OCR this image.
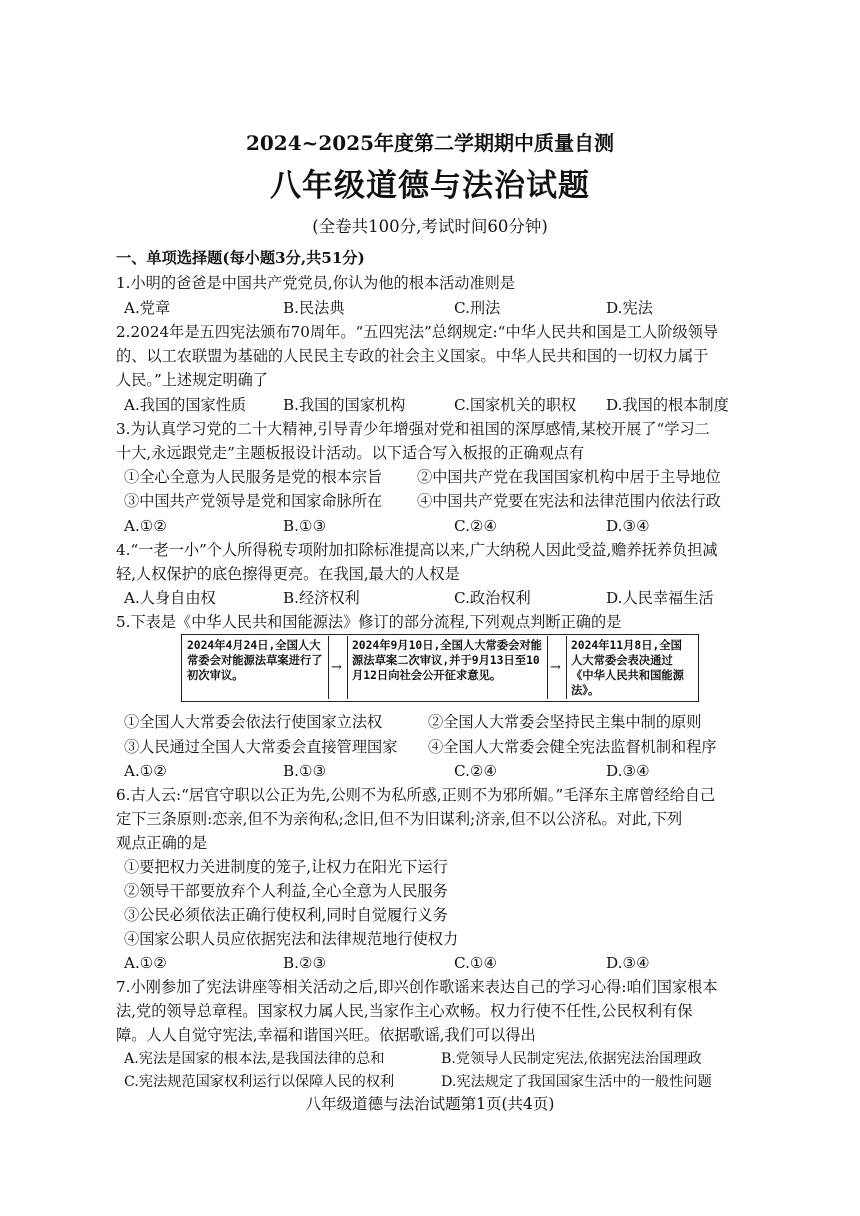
2024~2025年度第二学期期中质量自测
八年级道德与法治试题
(全卷共100分,考试时间60分钟)
一、单项选择题(每小题3分,共51分)
1.小明的爸爸是中国共产党党员,你认为他的根本活动准则是
A.党章	B.民法典	C.刑法	D.宪法
2.2024年是五四宪法颁布70周年。“五四宪法”总纲规定:“中华人民共和国是工人阶级领导
的、以工农联盟为基础的人民民主专政的社会主义国家。中华人民共和国的一切权力属于
人民。”上述规定明确了
A.我国的国家性质 B.我国的国家机构	C.国家机关的职权 D.我国的根本制度
3.为认真学习党的二十大精神,引导青少年增强对党和祖国的深厚感情,某校开展了“学习二
十大,永远跟党走”主题板报设计活动。以下适合写入板报的正确观点有
①全心全意为人民服务是党的根本宗旨 ②中国共产党在我国国家机构中居于主导地位
③中国共产党领导是党和国家命脉所在 ④中国共产党要在宪法和法律范围内依法行政
A.①②	B.①③	C.②④	D.③④
4.“一老一小”个人所得税专项附加扣除标准提高以来,广大纳税人因此受益,赡养抚养负担减
轻,人权保护的底色擦得更亮。在我国,最大的人权是
A.人身自由权	B.经济权利	C.政治权利	D.人民幸福生活
5.下表是《中华人民共和国能源法》修订的部分流程,下列观点判断正确的是
2024年4月24日,全国人大常委会对能源法草案进行了初次审议。
→
2024年9月10日,全国人大常委会对能源法草案二次审议,并于9月13日至10月12日向社会公开征求意见。
→
2024年11月8日,全国人大常委会表决通过《中华人民共和国能源法》。
①全国人大常委会依法行使国家立法权	②全国人大常委会坚持民主集中制的原则
③人民通过全国人大常委会直接管理国家 ④全国人大常委会健全宪法监督机制和程序
A.①②	B.①③	C.②④	D.③④
6.古人云:“居官守职以公正为先,公则不为私所惑,正则不为邪所媚。”毛泽东主席曾经给自己
定下三条原则:恋亲,但不为亲徇私;念旧,但不为旧谋利;济亲,但不以公济私。对此,下列
观点正确的是
①要把权力关进制度的笼子,让权力在阳光下运行
②领导干部要放弃个人利益,全心全意为人民服务
③公民必须依法正确行使权利,同时自觉履行义务
④国家公职人员应依据宪法和法律规范地行使权力
A.①②	B.②③	C.①④	D.③④
7.小刚参加了宪法讲座等相关活动之后,即兴创作歌谣来表达自己的学习心得:咱们国家根本
法,党的领导总章程。国家权力属人民,当家作主心欢畅。权力行使不任性,公民权利有保
障。人人自觉守宪法,幸福和谐国兴旺。依据歌谣,我们可以得出
A.宪法是国家的根本法,是我国法律的总和	B.党领导人民制定宪法,依据宪法治国理政
C.宪法规范国家权利运行以保障人民的权利	D.宪法规定了我国国家生活中的一般性问题
八年级道德与法治试题第1页(共4页)
